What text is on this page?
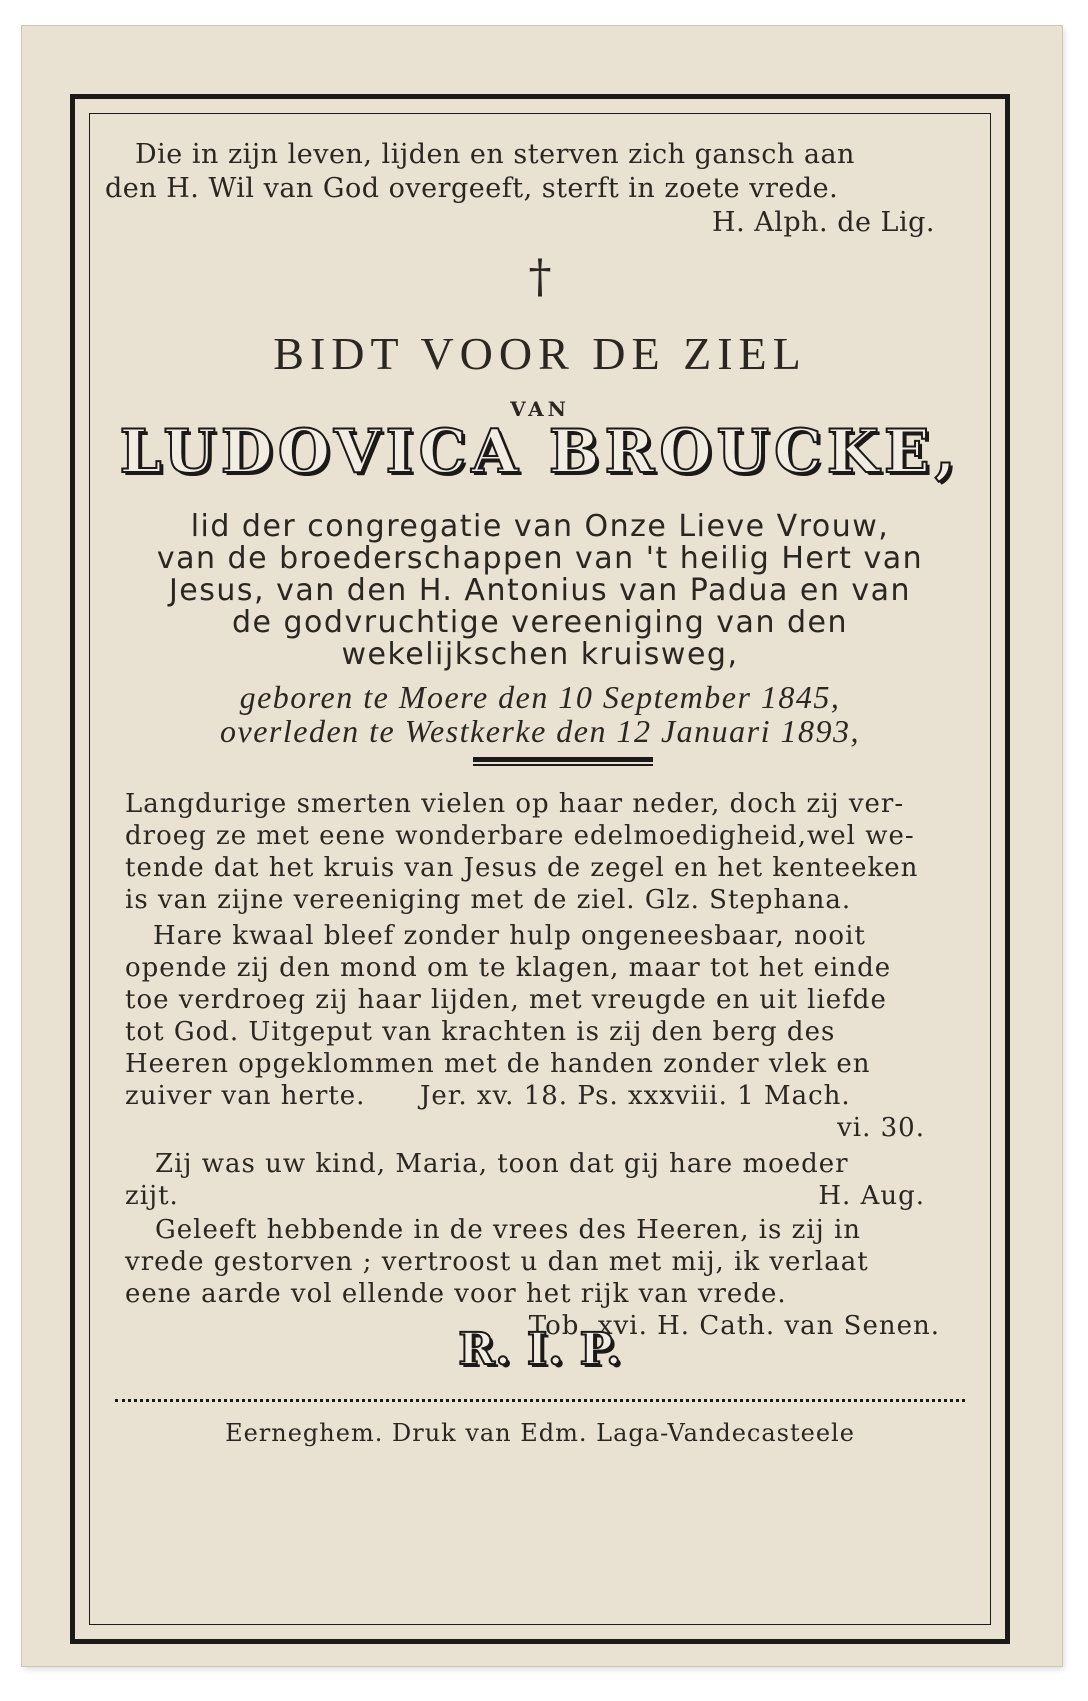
Die in zijn leven, lijden en sterven zich gansch aan
den H. Wil van God overgeeft, sterft in zoete vrede.
H. Alph. de Lig.
†
BIDT VOOR DE ZIEL
VAN
LUDOVICA BROUCKE,
lid der congregatie van Onze Lieve Vrouw,
van de broederschappen van 't heilig Hert van
Jesus, van den H. Antonius van Padua en van
de godvruchtige vereeniging van den
wekelijkschen kruisweg,
geboren te Moere den 10 September 1845,
overleden te Westkerke den 12 Januari 1893,
Langdurige smerten vielen op haar neder, doch zij ver-
droeg ze met eene wonderbare edelmoedigheid,wel we-
tende dat het kruis van Jesus de zegel en het kenteeken
is van zijne vereeniging met de ziel. Glz. Stephana.
Hare kwaal bleef zonder hulp ongeneesbaar, nooit
opende zij den mond om te klagen, maar tot het einde
toe verdroeg zij haar lijden, met vreugde en uit liefde
tot God. Uitgeput van krachten is zij den berg des
Heeren opgeklommen met de handen zonder vlek en
zuiver van herte. Jer. xv. 18. Ps. xxxviii. 1 Mach.
vi. 30.
Zij was uw kind, Maria, toon dat gij hare moeder
zijt.	H. Aug.
Geleeft hebbende in de vrees des Heeren, is zij in
vrede gestorven ; vertroost u dan met mij, ik verlaat
eene aarde vol ellende voor het rijk van vrede.
Tob. xvi. H. Cath. van Senen.
R. I. P.
Eerneghem. Druk van Edm. Laga-Vandecasteele
